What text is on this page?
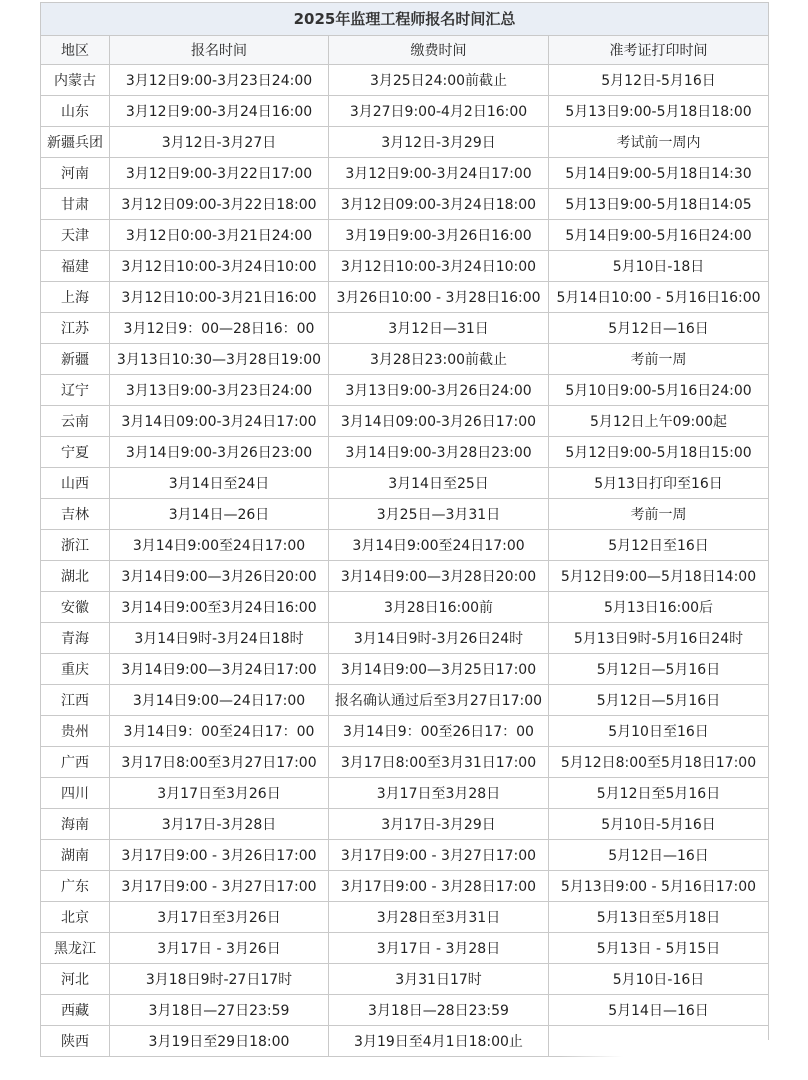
2025年监理工程师报名时间汇总
地区	报名时间	缴费时间	准考证打印时间
内蒙古	3月12日9:00-3月23日24:00	3月25日24:00前截止	5月12日-5月16日
山东	3月12日9:00-3月24日16:00	3月27日9:00-4月2日16:00	5月13日9:00-5月18日18:00
新疆兵团	3月12日-3月27日	3月12日-3月29日	考试前一周内
河南	3月12日9:00-3月22日17:00	3月12日9:00-3月24日17:00	5月14日9:00-5月18日14:30
甘肃	3月12日09:00-3月22日18:00	3月12日09:00-3月24日18:00	5月13日9:00-5月18日14:05
天津	3月12日0:00-3月21日24:00	3月19日9:00-3月26日16:00	5月14日9:00-5月16日24:00
福建	3月12日10:00-3月24日10:00	3月12日10:00-3月24日10:00	5月10日-18日
上海	3月12日10:00-3月21日16:00	3月26日10:00 - 3月28日16:00	5月14日10:00 - 5月16日16:00
江苏	3月12日9：00—28日16：00	3月12日—31日	5月12日—16日
新疆	3月13日10:30—3月28日19:00	3月28日23:00前截止	考前一周
辽宁	3月13日9:00-3月23日24:00	3月13日9:00-3月26日24:00	5月10日9:00-5月16日24:00
云南	3月14日09:00-3月24日17:00	3月14日09:00-3月26日17:00	5月12日上午09:00起
宁夏	3月14日9:00-3月26日23:00	3月14日9:00-3月28日23:00	5月12日9:00-5月18日15:00
山西	3月14日至24日	3月14日至25日	5月13日打印至16日
吉林	3月14日—26日	3月25日—3月31日	考前一周
浙江	3月14日9:00至24日17:00	3月14日9:00至24日17:00	5月12日至16日
湖北	3月14日9:00—3月26日20:00	3月14日9:00—3月28日20:00	5月12日9:00—5月18日14:00
安徽	3月14日9:00至3月24日16:00	3月28日16:00前	5月13日16:00后
青海	3月14日9时-3月24日18时	3月14日9时-3月26日24时	5月13日9时-5月16日24时
重庆	3月14日9:00—3月24日17:00	3月14日9:00—3月25日17:00	5月12日—5月16日
江西	3月14日9:00—24日17:00	报名确认通过后至3月27日17:00	5月12日—5月16日
贵州	3月14日9：00至24日17：00	3月14日9：00至26日17：00	5月10日至16日
广西	3月17日8:00至3月27日17:00	3月17日8:00至3月31日17:00	5月12日8:00至5月18日17:00
四川	3月17日至3月26日	3月17日至3月28日	5月12日至5月16日
海南	3月17日-3月28日	3月17日-3月29日	5月10日-5月16日
湖南	3月17日9:00 - 3月26日17:00	3月17日9:00 - 3月27日17:00	5月12日—16日
广东	3月17日9:00 - 3月27日17:00	3月17日9:00 - 3月28日17:00	5月13日9:00 - 5月16日17:00
北京	3月17日至3月26日	3月28日至3月31日	5月13日至5月18日
黑龙江	3月17日 - 3月26日	3月17日 - 3月28日	5月13日 - 5月15日
河北	3月18日9时-27日17时	3月31日17时	5月10日-16日
西藏	3月18日—27日23:59	3月18日—28日23:59	5月14日—16日
陕西	3月19日至29日18:00	3月19日至4月1日18:00止	
